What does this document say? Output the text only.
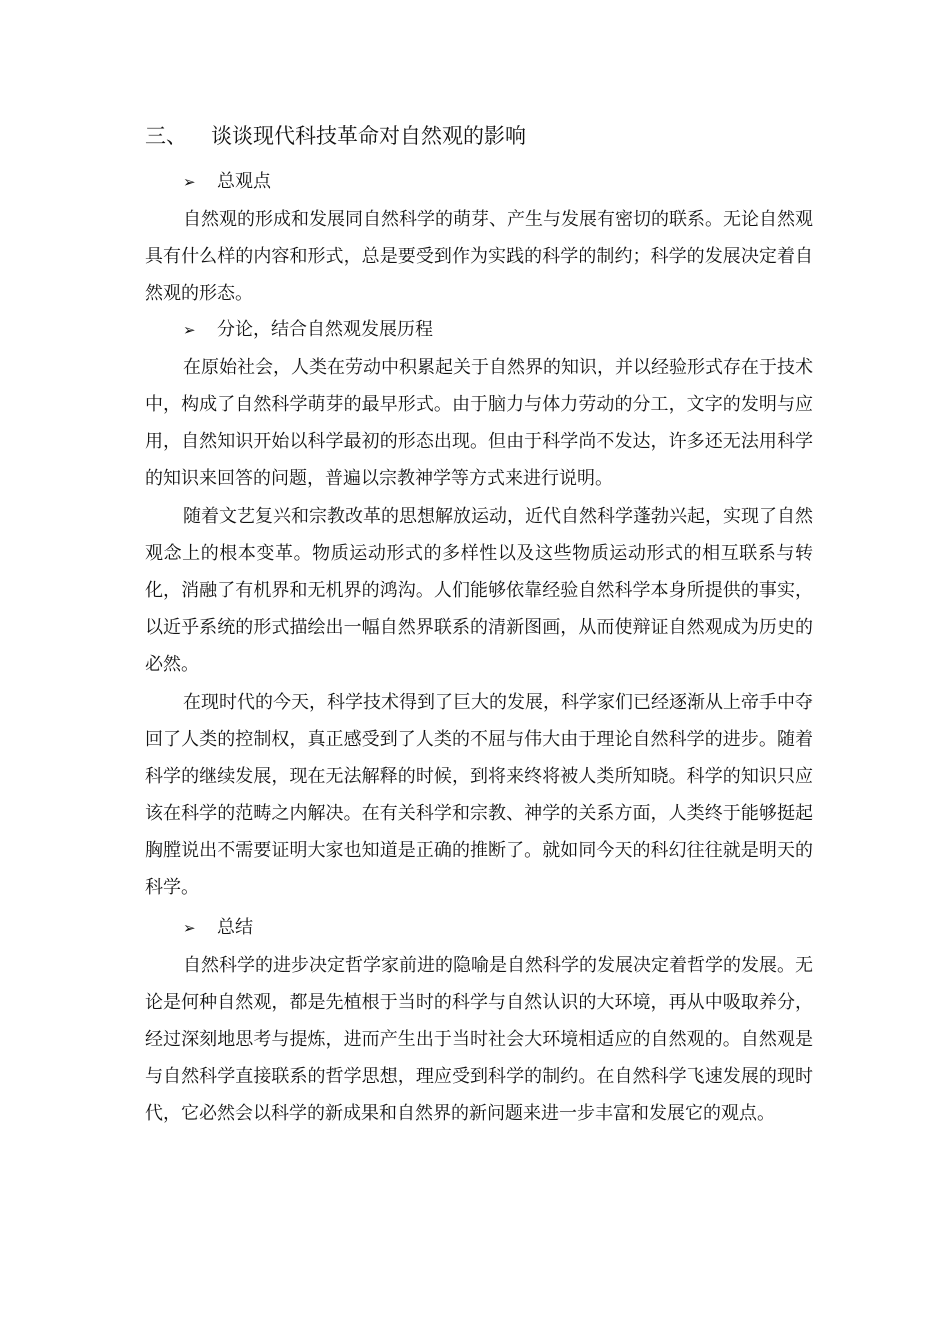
三、 谈谈现代科技革命对自然观的影响
➢ 总观点

自然观的形成和发展同自然科学的萌芽、产生与发展有密切的联系。无论自然观具有什么样的内容和形式，总是要受到作为实践的科学的制约；科学的发展决定着自然观的形态。

➢ 分论，结合自然观发展历程

在原始社会，人类在劳动中积累起关于自然界的知识，并以经验形式存在于技术中，构成了自然科学萌芽的最早形式。由于脑力与体力劳动的分工，文字的发明与应用，自然知识开始以科学最初的形态出现。但由于科学尚不发达，许多还无法用科学的知识来回答的问题，普遍以宗教神学等方式来进行说明。

随着文艺复兴和宗教改革的思想解放运动，近代自然科学蓬勃兴起，实现了自然观念上的根本变革。物质运动形式的多样性以及这些物质运动形式的相互联系与转化，消融了有机界和无机界的鸿沟。人们能够依靠经验自然科学本身所提供的事实，以近乎系统的形式描绘出一幅自然界联系的清新图画，从而使辩证自然观成为历史的必然。

在现时代的今天，科学技术得到了巨大的发展，科学家们已经逐渐从上帝手中夺回了人类的控制权，真正感受到了人类的不屈与伟大由于理论自然科学的进步。随着科学的继续发展，现在无法解释的时候，到将来终将被人类所知晓。科学的知识只应该在科学的范畴之内解决。在有关科学和宗教、神学的关系方面，人类终于能够挺起胸膛说出不需要证明大家也知道是正确的推断了。就如同今天的科幻往往就是明天的科学。

➢ 总结

自然科学的进步决定哲学家前进的隐喻是自然科学的发展决定着哲学的发展。无论是何种自然观，都是先植根于当时的科学与自然认识的大环境，再从中吸取养分，经过深刻地思考与提炼，进而产生出于当时社会大环境相适应的自然观的。自然观是与自然科学直接联系的哲学思想，理应受到科学的制约。在自然科学飞速发展的现时代，它必然会以科学的新成果和自然界的新问题来进一步丰富和发展它的观点。
